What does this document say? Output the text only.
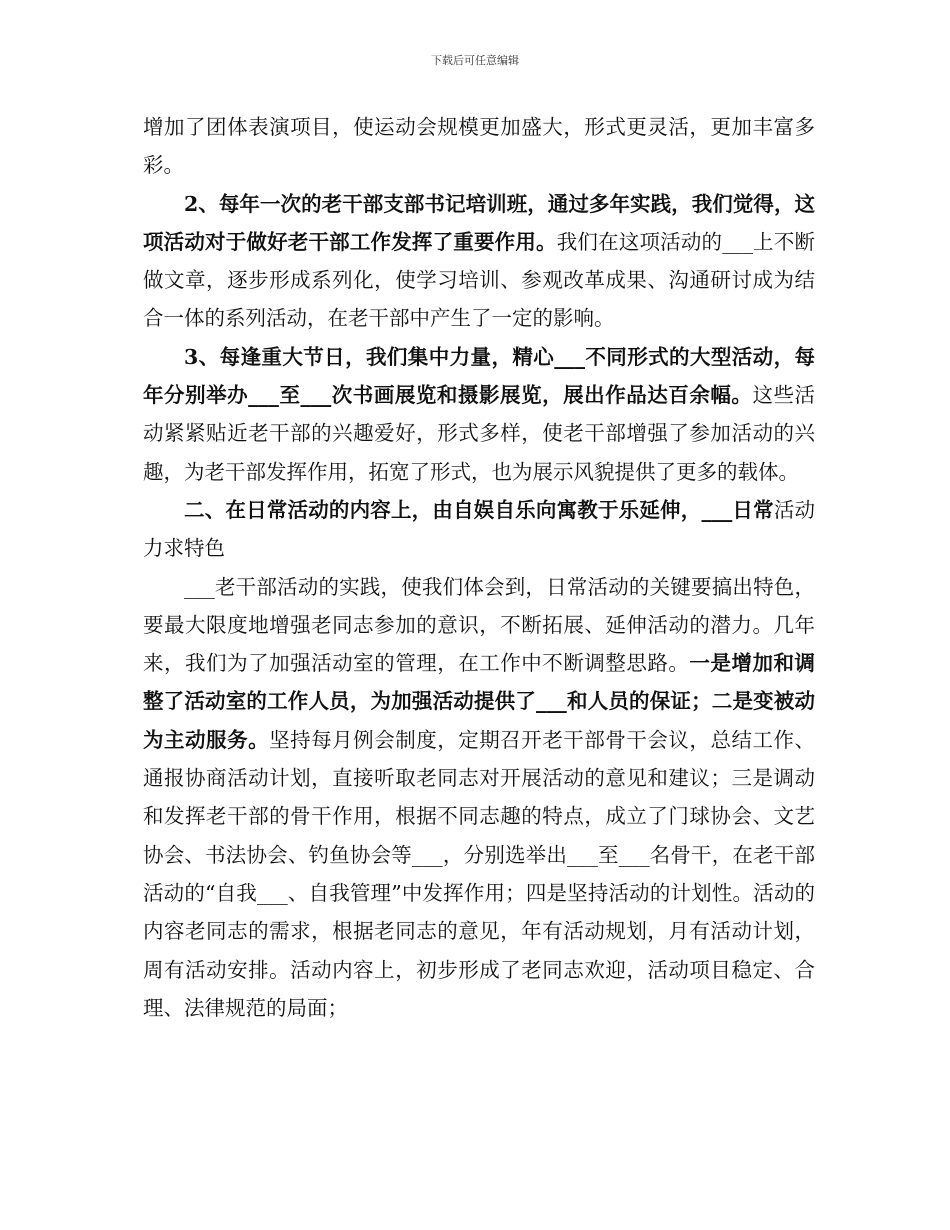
下载后可任意编辑

增加了团体表演项目，使运动会规模更加盛大，形式更灵活，更加丰富多彩。

2、每年一次的老干部支部书记培训班，通过多年实践，我们觉得，这项活动对于做好老干部工作发挥了重要作用。我们在这项活动的___上不断做文章，逐步形成系列化，使学习培训、参观改革成果、沟通研讨成为结合一体的系列活动，在老干部中产生了一定的影响。

3、每逢重大节日，我们集中力量，精心___不同形式的大型活动，每年分别举办___至___次书画展览和摄影展览，展出作品达百余幅。这些活动紧紧贴近老干部的兴趣爱好，形式多样，使老干部增强了参加活动的兴趣，为老干部发挥作用，拓宽了形式，也为展示风貌提供了更多的载体。

二、在日常活动的内容上，由自娱自乐向寓教于乐延伸，___日常活动力求特色

___老干部活动的实践，使我们体会到，日常活动的关键要搞出特色，要最大限度地增强老同志参加的意识，不断拓展、延伸活动的潜力。几年来，我们为了加强活动室的管理，在工作中不断调整思路。一是增加和调整了活动室的工作人员，为加强活动提供了___和人员的保证；二是变被动为主动服务。坚持每月例会制度，定期召开老干部骨干会议，总结工作、通报协商活动计划，直接听取老同志对开展活动的意见和建议；三是调动和发挥老干部的骨干作用，根据不同志趣的特点，成立了门球协会、文艺协会、书法协会、钓鱼协会等___，分别选举出___至___名骨干，在老干部活动的“自我___、自我管理”中发挥作用；四是坚持活动的计划性。活动的内容老同志的需求，根据老同志的意见，年有活动规划，月有活动计划，周有活动安排。活动内容上，初步形成了老同志欢迎，活动项目稳定、合理、法律规范的局面；
